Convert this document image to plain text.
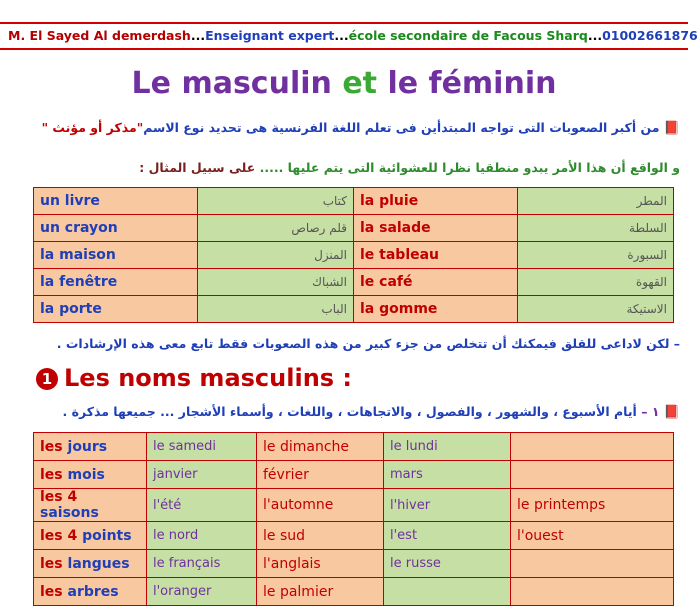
M. El Sayed Al demerdash...Enseignant expert...école secondaire de Facous Sharq...01002661876
Le masculin et le féminin
📕 من أكبر الصعوبات التى تواجه المبتدأين فى تعلم اللغة الفرنسية هى تحديد نوع الاسم"مذكر أو مؤنث "
و الواقع أن هذا الأمر يبدو منطقيا نظرا للعشوائية التى يتم عليها ..... على سبيل المثال :
un livre	كتاب	la pluie	المطر
un crayon	قلم رصاص	la salade	السلطة
la maison	المنزل	le tableau	السبورة
la fenêtre	الشباك	le café	القهوة
la porte	الباب	la gomme	الاستيكة
– لكن لاداعى للقلق فيمكنك أن تتخلص من جزء كبير من هذه الصعوبات فقط تابع معى هذه الإرشادات .
1 Les noms masculins :
📕 ١ – أيام الأسبوع ، والشهور ، والفصول ، والاتجاهات ، واللغات ، وأسماء الأشجار ... جميعها مذكرة .
les jours	le samedi	le dimanche	le lundi	
les mois	janvier	février	mars	
les 4 saisons	l'été	l'automne	l'hiver	le printemps
les 4 points	le nord	le sud	l'est	l'ouest
les langues	le français	l'anglais	le russe	
les arbres	l'oranger	le palmier		
